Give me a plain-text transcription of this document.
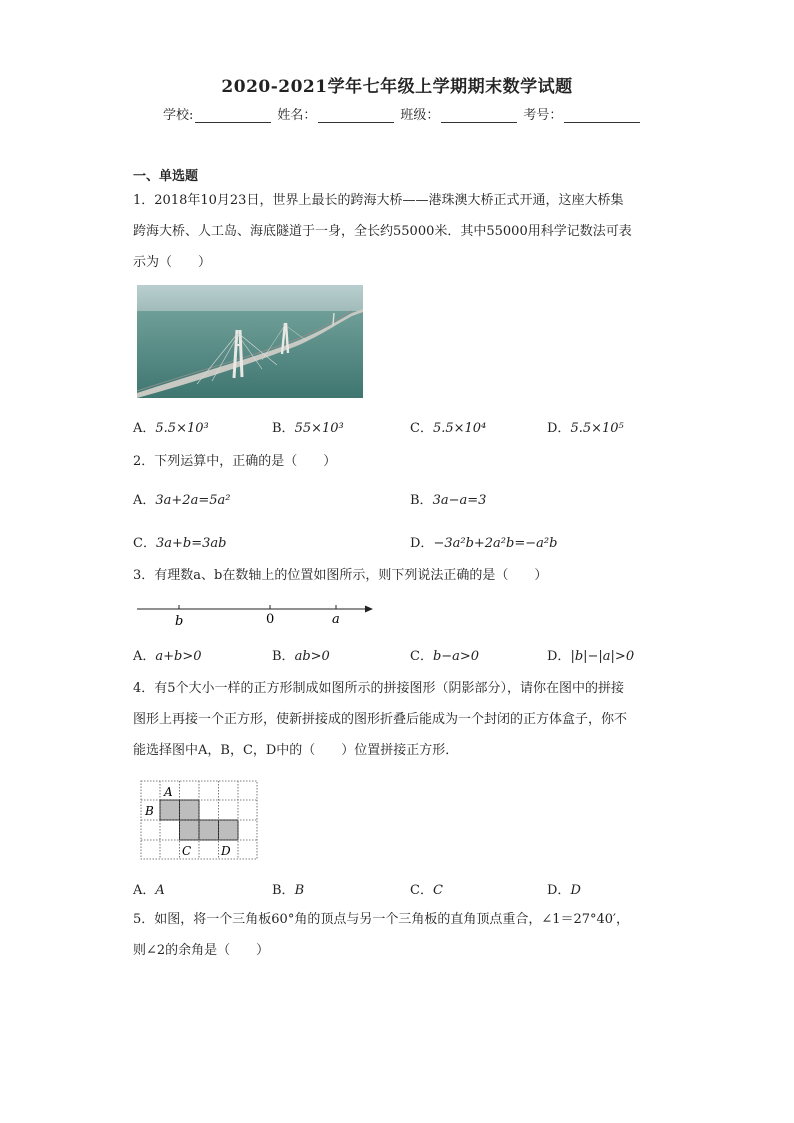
2020-2021学年七年级上学期期末数学试题
学校:	姓名：	班级：	考号：
一、单选题
1．2018年10月23日，世界上最长的跨海大桥——港珠澳大桥正式开通，这座大桥集
跨海大桥、人工岛、海底隧道于一身，全长约55000米．其中55000用科学记数法可表
示为（　　）
A．5.5×10³	B．55×10³	C．5.5×10⁴	D．5.5×10⁵
2．下列运算中，正确的是（　　）
A．3a+2a=5a²	B．3a−a=3
C．3a+b=3ab	D．−3a²b+2a²b=−a²b
3．有理数a、b在数轴上的位置如图所示，则下列说法正确的是（　　）
b	0	a
A．a+b>0	B．ab>0	C．b−a>0	D．|b|−|a|>0
4．有5个大小一样的正方形制成如图所示的拼接图形（阴影部分），请你在图中的拼接
图形上再接一个正方形，使新拼接成的图形折叠后能成为一个封闭的正方体盒子，你不
能选择图中A，B，C，D中的（　　）位置拼接正方形．
A
B
C D
A．A	B．B	C．C	D．D
5．如图，将一个三角板60°角的顶点与另一个三角板的直角顶点重合，∠1＝27°40′，
则∠2的余角是（　　）
